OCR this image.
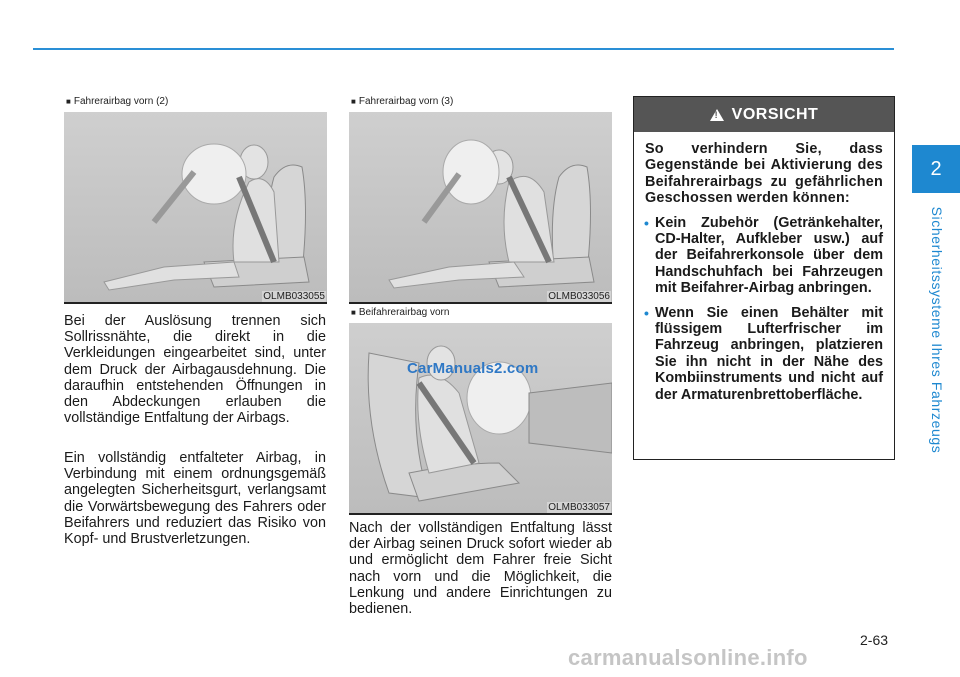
2
Sicherheitssysteme Ihres Fahrzeugs
■ Fahrerairbag vorn (2)
OLMB033055
■ Fahrerairbag vorn (3)
OLMB033056
■ Beifahrerairbag vorn
CarManuals2.com
OLMB033057

Bei der Auslösung trennen sich Sollrissnähte, die direkt in die Verkleidungen eingearbeitet sind, unter dem Druck der Airbagausdehnung. Die daraufhin entstehenden Öffnungen in den Abdeckungen erlauben die vollständige Entfaltung der Airbags.

Ein vollständig entfalteter Airbag, in Verbindung mit einem ordnungsgemäß angelegten Sicherheitsgurt, verlangsamt die Vorwärtsbewegung des Fahrers oder Beifahrers und reduziert das Risiko von Kopf- und Brustverletzungen.

Nach der vollständigen Entfaltung lässt der Airbag seinen Druck sofort wieder ab und ermöglicht dem Fahrer freie Sicht nach vorn und die Möglichkeit, die Lenkung und andere Einrichtungen zu bedienen.

!
VORSICHT

So verhindern Sie, dass Gegenstände bei Aktivierung des Beifahrerairbags zu gefährlichen Geschossen werden können:

• Kein Zubehör (Getränkehalter, CD-Halter, Aufkleber usw.) auf der Beifahrerkonsole über dem Handschuhfach bei Fahrzeugen mit Beifahrer-Airbag anbringen.
• Wenn Sie einen Behälter mit flüssigem Lufterfrischer im Fahrzeug anbringen, platzieren Sie ihn nicht in der Nähe des Kombiinstruments und nicht auf der Armaturenbrettoberfläche.
2-63
carmanualsonline.info
